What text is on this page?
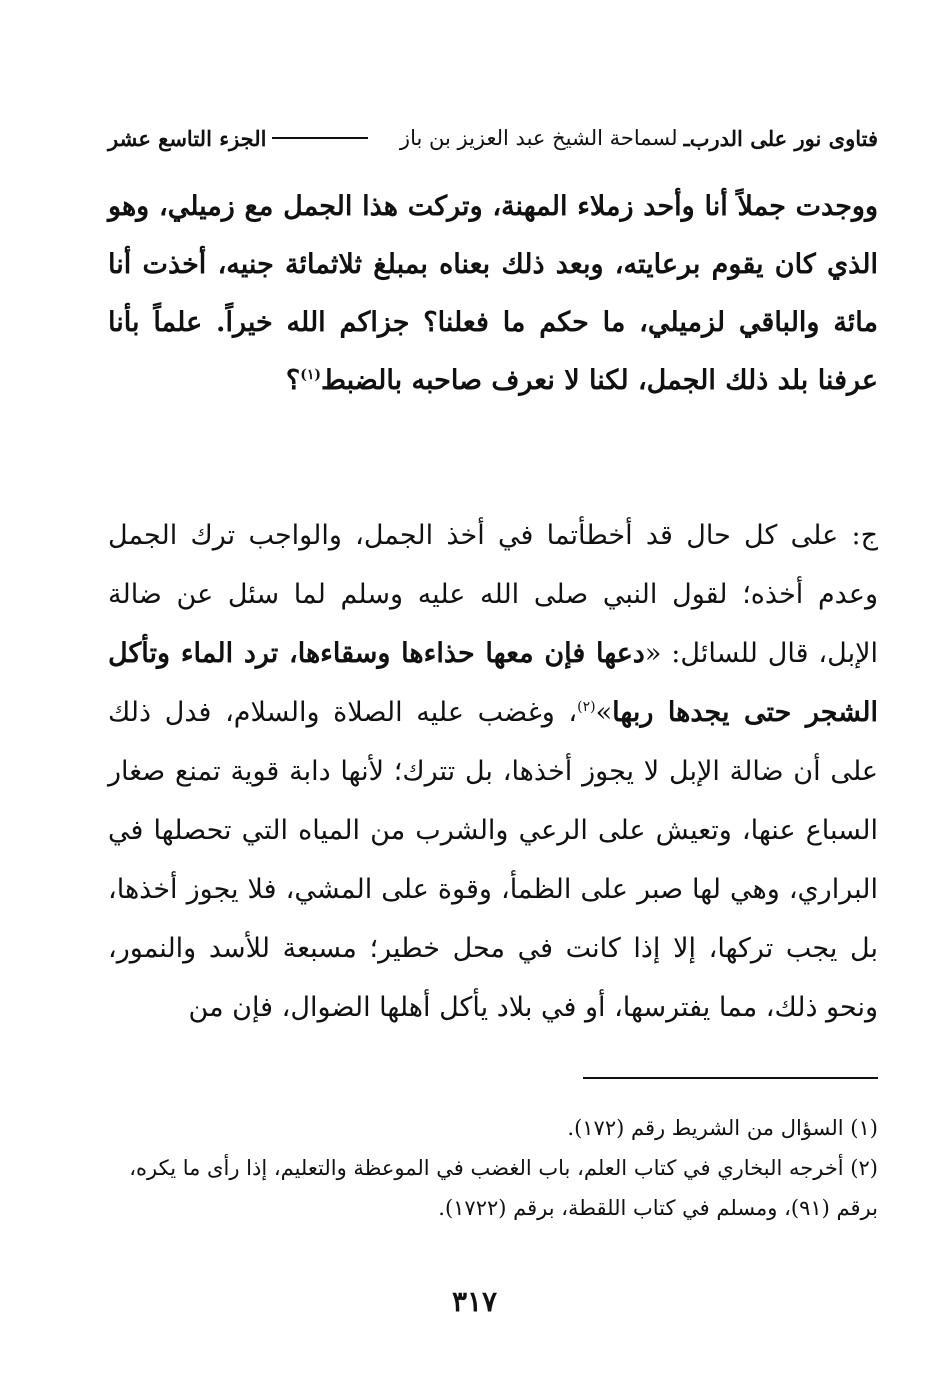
فتاوى نور على الدرب
ـ
لسماحة الشيخ عبد العزيز بن باز
الجزء التاسع عشر

ووجدت جملاً أنا وأحد زملاء المهنة، وتركت هذا الجمل مع زميلي، وهو الذي كان يقوم برعايته، وبعد ذلك بعناه بمبلغ ثلاثمائة جنيه، أخذت أنا مائة والباقي لزميلي، ما حكم ما فعلنا؟ جزاكم الله خيراً. علماً بأنا عرفنا بلد ذلك الجمل، لكنا لا نعرف صاحبه بالضبط$^{(١)}$؟

ج: على كل حال قد أخطأتما في أخذ الجمل، والواجب ترك الجمل وعدم أخذه؛ لقول النبي صلى الله عليه وسلم لما سئل عن ضالة الإبل، قال للسائل: «دعها فإن معها حذاءها وسقاءها، ترد الماء وتأكل الشجر حتى يجدها ربها»$^{(٢)}$، وغضب عليه الصلاة والسلام، فدل ذلك على أن ضالة الإبل لا يجوز أخذها، بل تترك؛ لأنها دابة قوية تمنع صغار السباع عنها، وتعيش على الرعي والشرب من المياه التي تحصلها في البراري، وهي لها صبر على الظمأ، وقوة على المشي، فلا يجوز أخذها، بل يجب تركها، إلا إذا كانت في محل خطير؛ مسبعة للأسد والنمور، ونحو ذلك، مما يفترسها، أو في بلاد يأكل أهلها الضوال، فإن من

(١) السؤال من الشريط رقم (١٧٢).

(٢) أخرجه البخاري في كتاب العلم، باب الغضب في الموعظة والتعليم، إذا رأى ما يكره، برقم (٩١)، ومسلم في كتاب اللقطة، برقم (١٧٢٢).

٣١٧
